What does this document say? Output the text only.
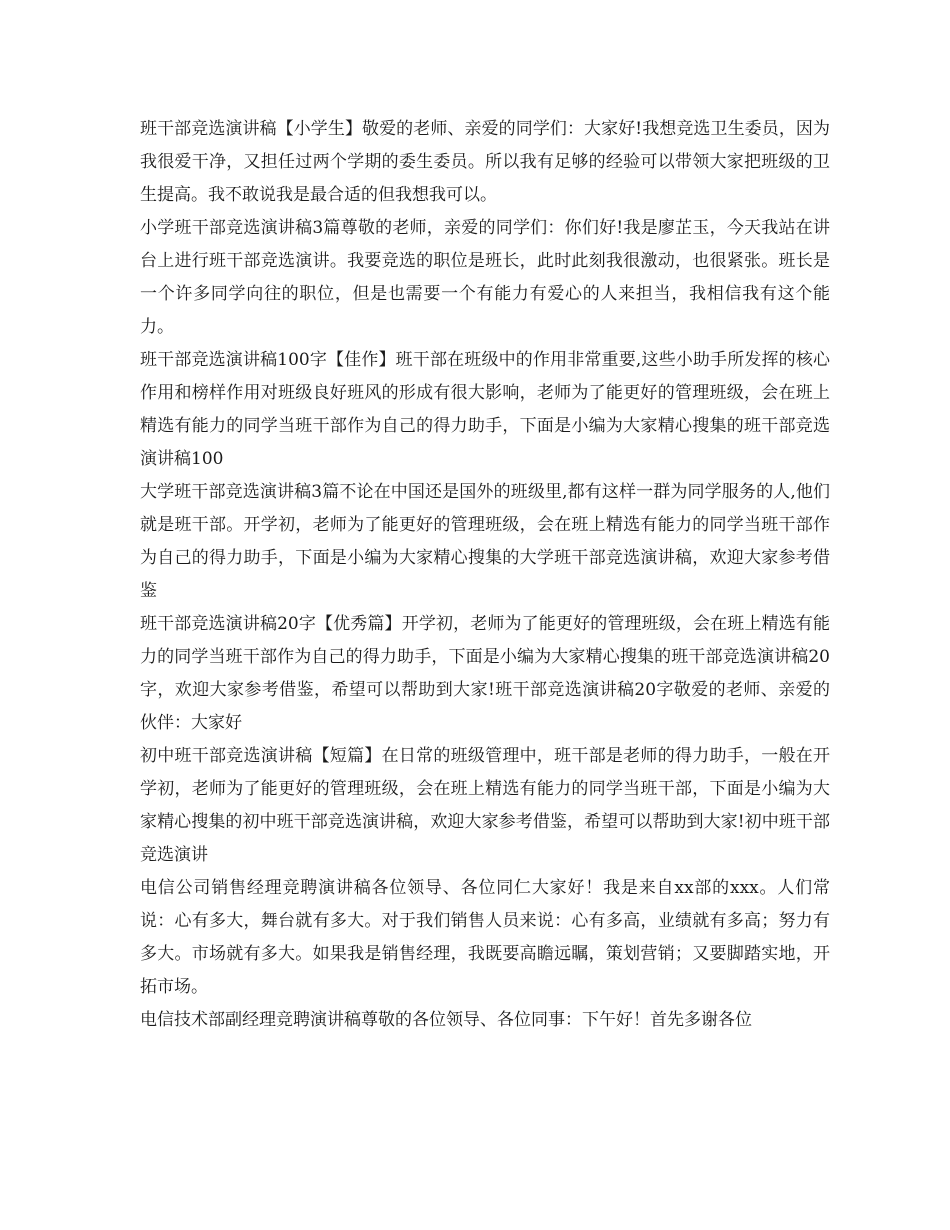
班干部竞选演讲稿【小学生】敬爱的老师、亲爱的同学们：大家好!我想竞选卫生委员，因为我很爱干净，又担任过两个学期的委生委员。所以我有足够的经验可以带领大家把班级的卫生提高。我不敢说我是最合适的但我想我可以。

小学班干部竞选演讲稿3篇尊敬的老师，亲爱的同学们：你们好!我是廖芷玉，今天我站在讲台上进行班干部竞选演讲。我要竞选的职位是班长，此时此刻我很激动，也很紧张。班长是一个许多同学向往的职位，但是也需要一个有能力有爱心的人来担当，我相信我有这个能力。

班干部竞选演讲稿100字【佳作】班干部在班级中的作用非常重要,这些小助手所发挥的核心作用和榜样作用对班级良好班风的形成有很大影响，老师为了能更好的管理班级，会在班上精选有能力的同学当班干部作为自己的得力助手，下面是小编为大家精心搜集的班干部竞选演讲稿100

大学班干部竞选演讲稿3篇不论在中国还是国外的班级里,都有这样一群为同学服务的人,他们就是班干部。开学初，老师为了能更好的管理班级，会在班上精选有能力的同学当班干部作为自己的得力助手，下面是小编为大家精心搜集的大学班干部竞选演讲稿，欢迎大家参考借鉴

班干部竞选演讲稿20字【优秀篇】开学初，老师为了能更好的管理班级，会在班上精选有能力的同学当班干部作为自己的得力助手，下面是小编为大家精心搜集的班干部竞选演讲稿20字，欢迎大家参考借鉴，希望可以帮助到大家!班干部竞选演讲稿20字敬爱的老师、亲爱的伙伴：大家好

初中班干部竞选演讲稿【短篇】在日常的班级管理中，班干部是老师的得力助手，一般在开学初，老师为了能更好的管理班级，会在班上精选有能力的同学当班干部，下面是小编为大家精心搜集的初中班干部竞选演讲稿，欢迎大家参考借鉴，希望可以帮助到大家!初中班干部竞选演讲

电信公司销售经理竞聘演讲稿各位领导、各位同仁大家好！我是来自xx部的xxx。人们常说：心有多大，舞台就有多大。对于我们销售人员来说：心有多高，业绩就有多高；努力有多大。市场就有多大。如果我是销售经理，我既要高瞻远瞩，策划营销；又要脚踏实地，开拓市场。

电信技术部副经理竞聘演讲稿尊敬的各位领导、各位同事：下午好！首先多谢各位
